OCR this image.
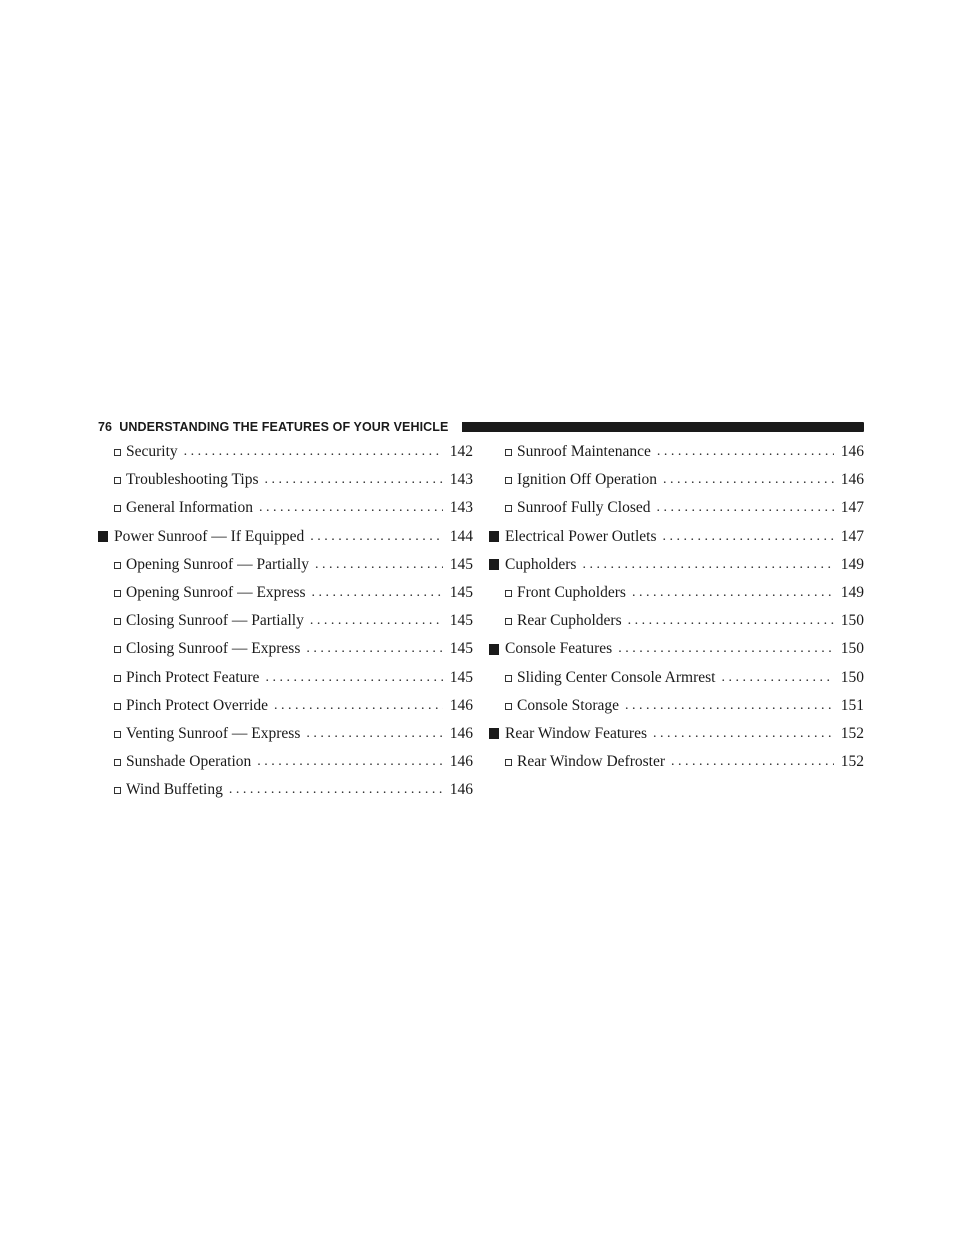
76 UNDERSTANDING THE FEATURES OF YOUR VEHICLE
Security . . .	142
Troubleshooting Tips . . .	143
General Information . . .	143
Power Sunroof — If Equipped . . .	144
Opening Sunroof — Partially . . .	145
Opening Sunroof — Express . . .	145
Closing Sunroof — Partially . . .	145
Closing Sunroof — Express . . .	145
Pinch Protect Feature . . .	145
Pinch Protect Override . . .	146
Venting Sunroof — Express . . .	146
Sunshade Operation . . .	146
Wind Buffeting . . .	146
Sunroof Maintenance . . .	146
Ignition Off Operation . . .	146
Sunroof Fully Closed . . .	147
Electrical Power Outlets . . .	147
Cupholders . . .	149
Front Cupholders . . .	149
Rear Cupholders . . .	150
Console Features . . .	150
Sliding Center Console Armrest . . .	150
Console Storage . . .	151
Rear Window Features . . .	152
Rear Window Defroster . . .	152
